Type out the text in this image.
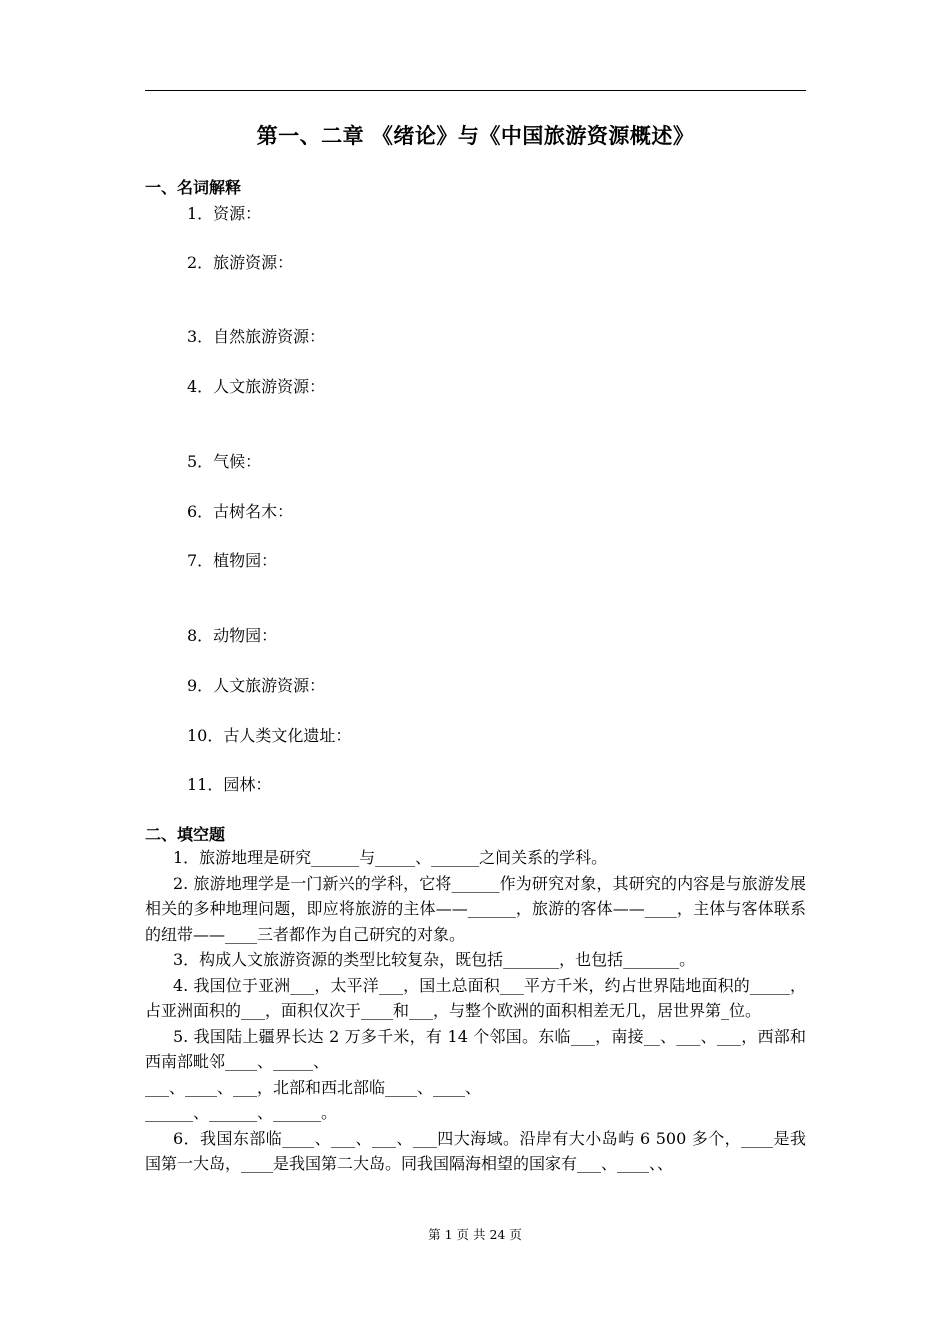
第一、二章 《绪论》与《中国旅游资源概述》
一、名词解释
1．资源：
2．旅游资源：
3．自然旅游资源：
4．人文旅游资源：
5．气候：
6．古树名木：
7．植物园：
8．动物园：
9．人文旅游资源：
10．古人类文化遗址：
11．园林：
二、填空题

1．旅游地理是研究______与_____、______之间关系的学科。

2. 旅游地理学是一门新兴的学科，它将______作为研究对象，其研究的内容是与旅游发展相关的多种地理问题，即应将旅游的主体——______，旅游的客体——____，主体与客体联系的纽带——____三者都作为自己研究的对象。

3．构成人文旅游资源的类型比较复杂，既包括_______，也包括_______。

4. 我国位于亚洲___，太平洋___，国土总面积___平方千米，约占世界陆地面积的_____，占亚洲面积的___，面积仅次于____和___，与整个欧洲的面积相差无几，居世界第_位。

5. 我国陆上疆界长达 2 万多千米，有 14 个邻国。东临___，南接__、___、___，西部和西南部毗邻____、_____、

___、____、___，北部和西北部临____、____、

______、______、______。

6．我国东部临____、___、___、___四大海域。沿岸有大小岛屿 6 500 多个，____是我国第一大岛，____是我国第二大岛。同我国隔海相望的国家有___、____、、

第 1 页 共 24 页
